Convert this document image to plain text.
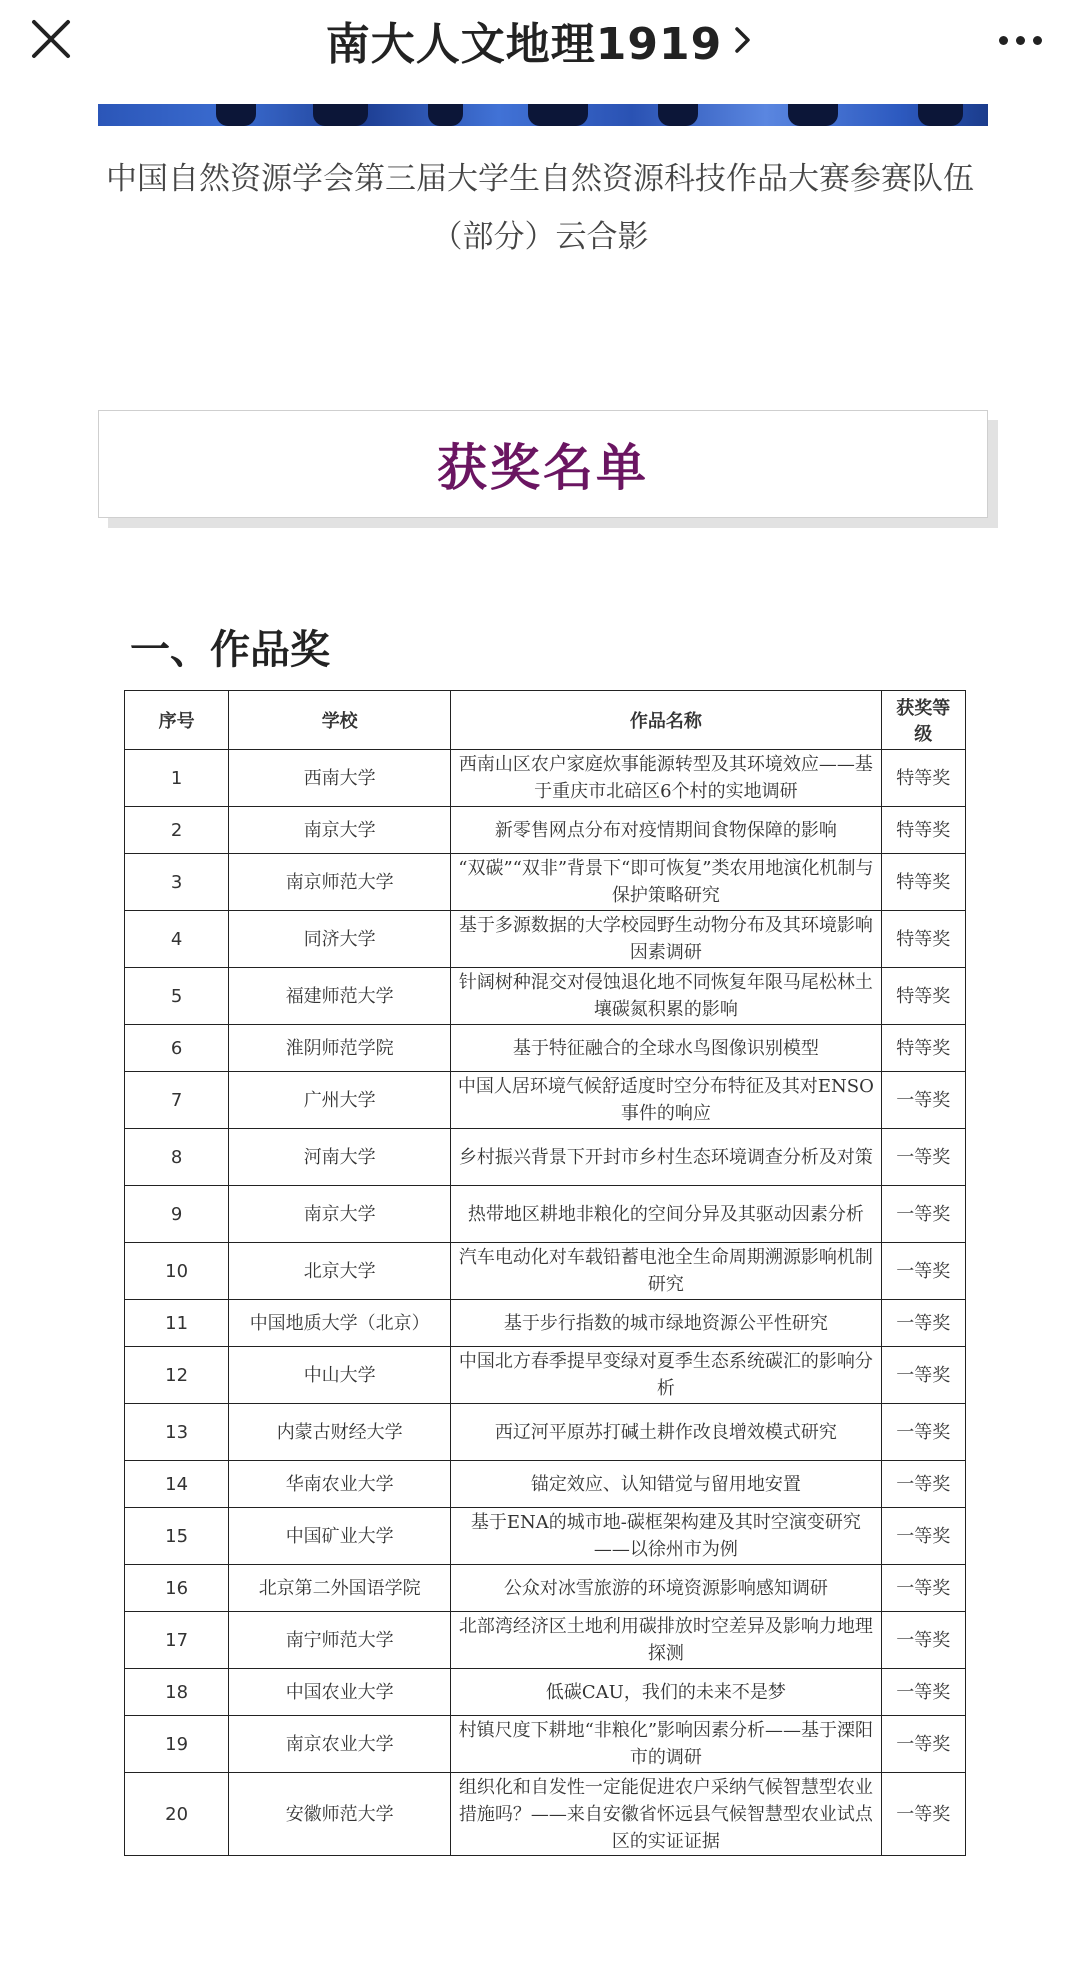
南大人文地理1919
中国自然资源学会第三届大学生自然资源科技作品大赛参赛队伍（部分）云合影
获奖名单
一、作品奖
序号	学校	作品名称	获奖等级
1	西南大学	西南山区农户家庭炊事能源转型及其环境效应——基于重庆市北碚区6个村的实地调研	特等奖
2	南京大学	新零售网点分布对疫情期间食物保障的影响	特等奖
3	南京师范大学	“双碳”“双非”背景下“即可恢复”类农用地演化机制与保护策略研究	特等奖
4	同济大学	基于多源数据的大学校园野生动物分布及其环境影响因素调研	特等奖
5	福建师范大学	针阔树种混交对侵蚀退化地不同恢复年限马尾松林土壤碳氮积累的影响	特等奖
6	淮阴师范学院	基于特征融合的全球水鸟图像识别模型	特等奖
7	广州大学	中国人居环境气候舒适度时空分布特征及其对ENSO事件的响应	一等奖
8	河南大学	乡村振兴背景下开封市乡村生态环境调查分析及对策	一等奖
9	南京大学	热带地区耕地非粮化的空间分异及其驱动因素分析	一等奖
10	北京大学	汽车电动化对车载铅蓄电池全生命周期溯源影响机制研究	一等奖
11	中国地质大学（北京）	基于步行指数的城市绿地资源公平性研究	一等奖
12	中山大学	中国北方春季提早变绿对夏季生态系统碳汇的影响分析	一等奖
13	内蒙古财经大学	西辽河平原苏打碱土耕作改良增效模式研究	一等奖
14	华南农业大学	锚定效应、认知错觉与留用地安置	一等奖
15	中国矿业大学	基于ENA的城市地-碳框架构建及其时空演变研究——以徐州市为例	一等奖
16	北京第二外国语学院	公众对冰雪旅游的环境资源影响感知调研	一等奖
17	南宁师范大学	北部湾经济区土地利用碳排放时空差异及影响力地理探测	一等奖
18	中国农业大学	低碳CAU，我们的未来不是梦	一等奖
19	南京农业大学	村镇尺度下耕地“非粮化”影响因素分析——基于溧阳市的调研	一等奖
20	安徽师范大学	组织化和自发性一定能促进农户采纳气候智慧型农业措施吗？——来自安徽省怀远县气候智慧型农业试点区的实证证据	一等奖
